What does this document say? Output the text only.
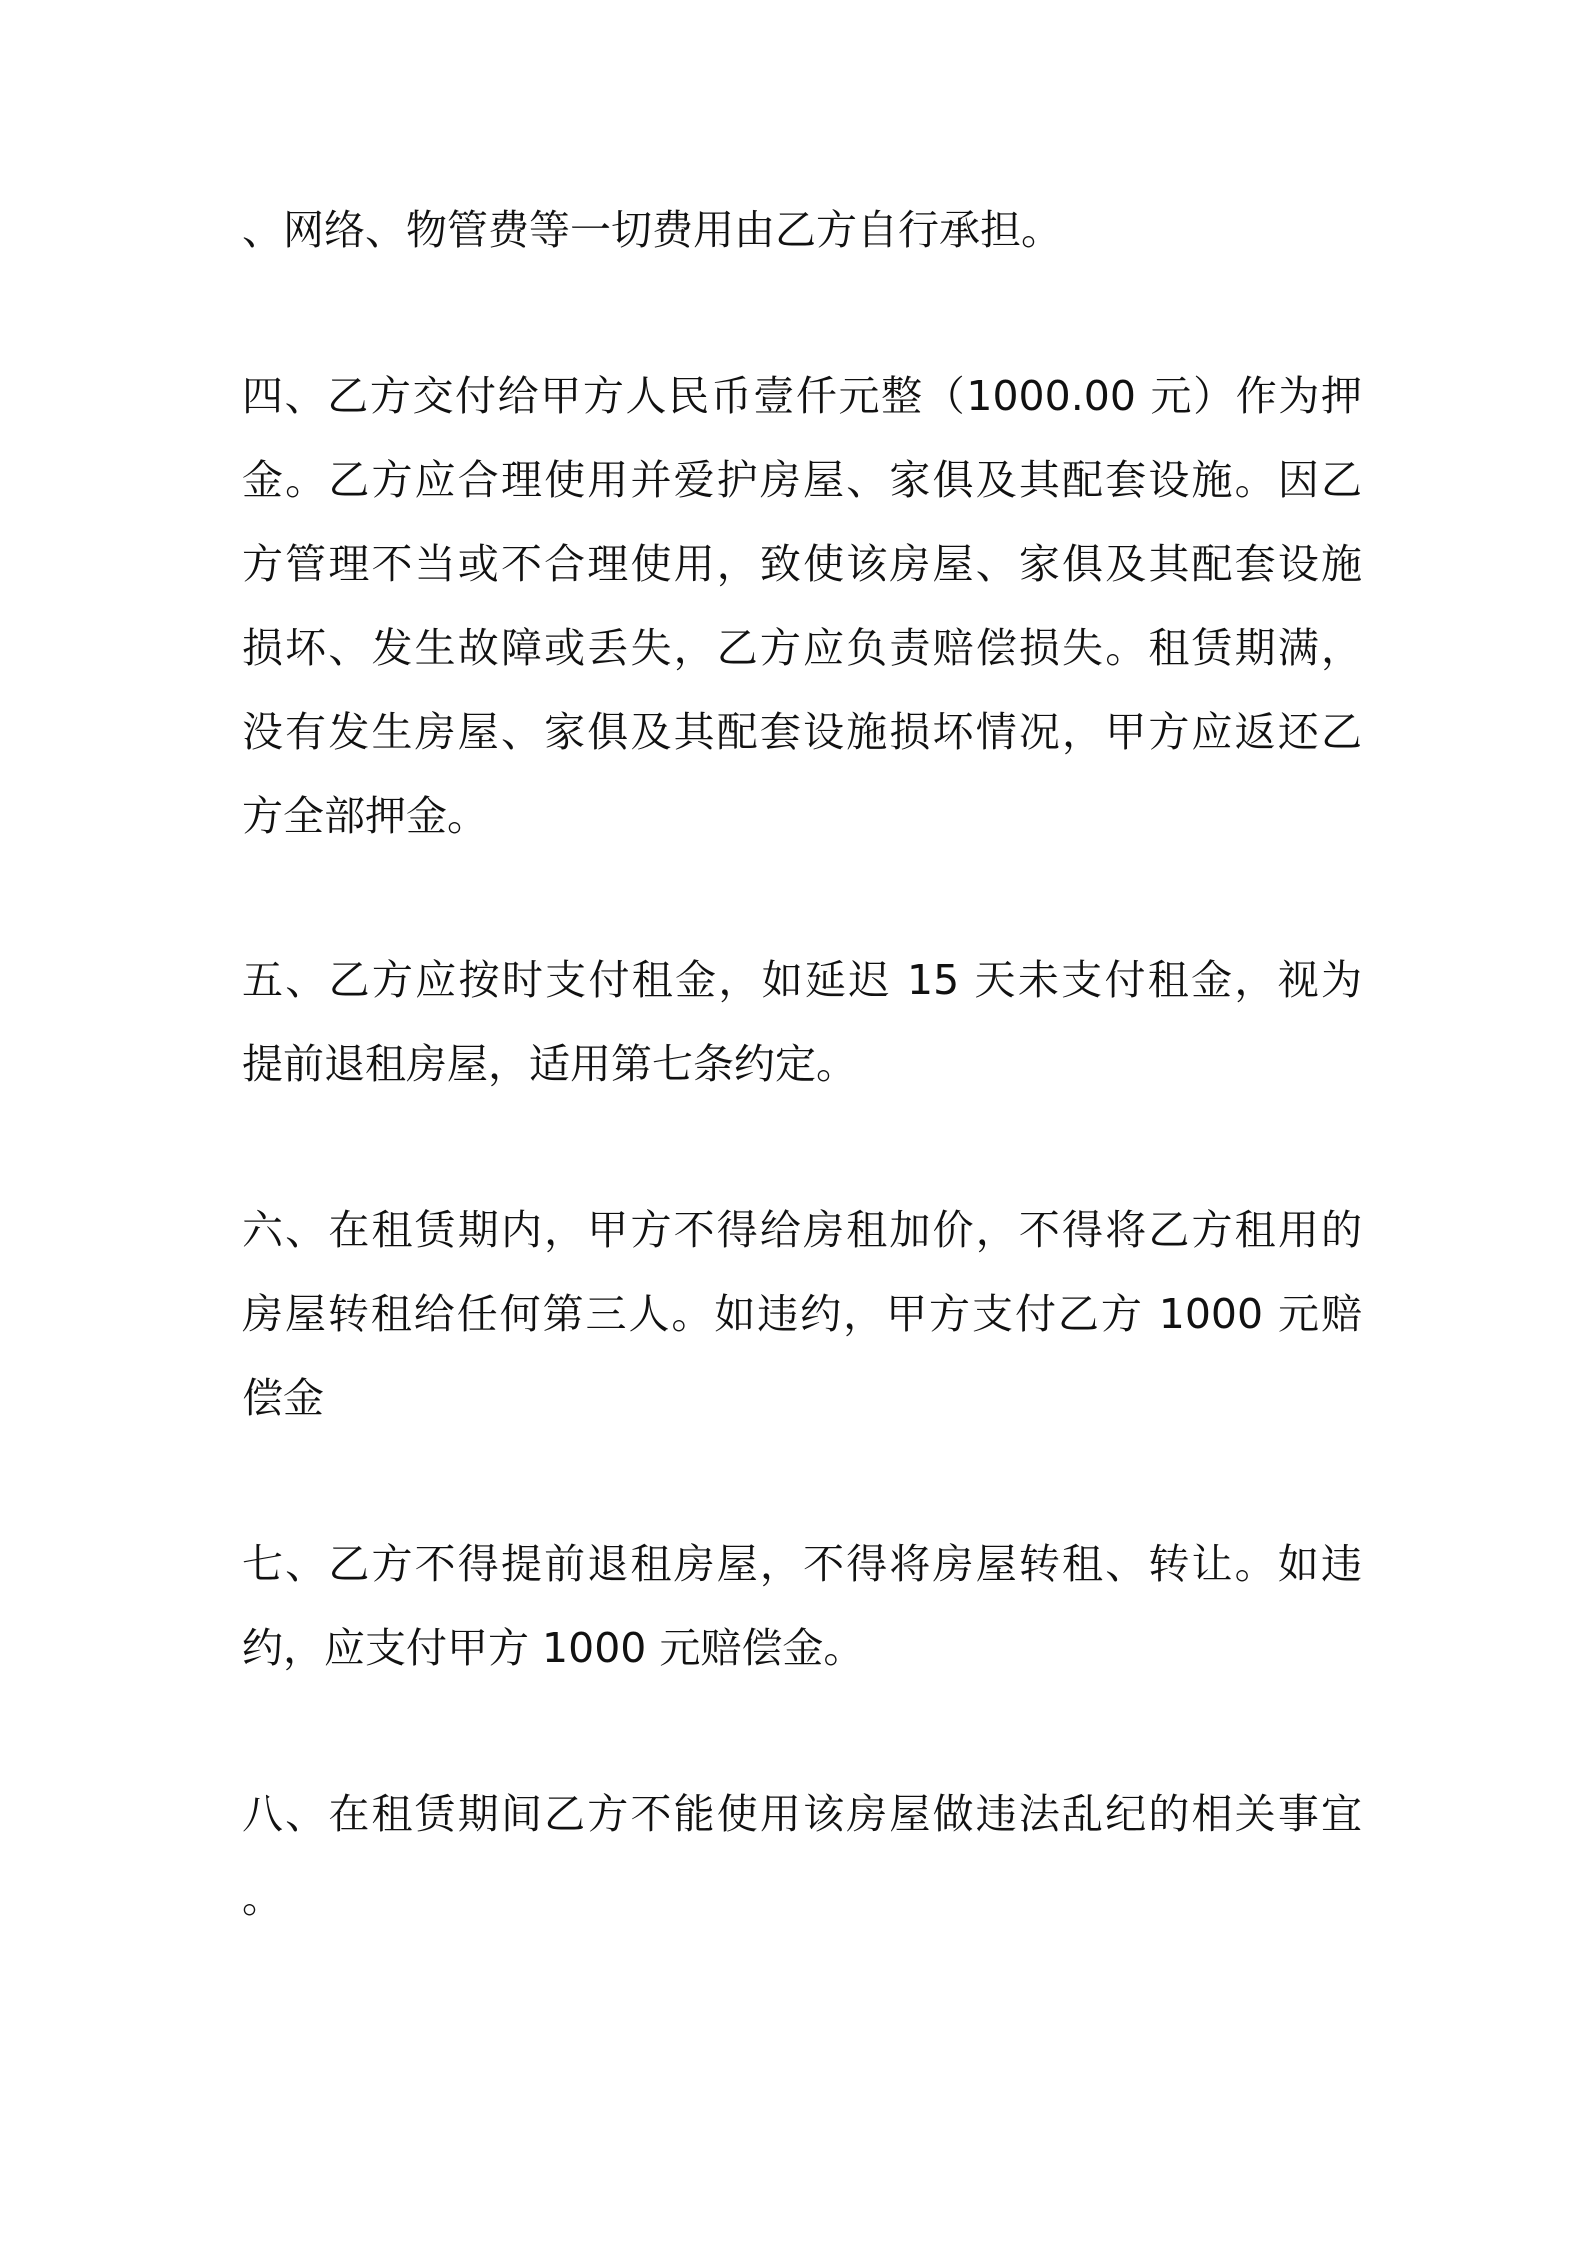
、网络、物管费等一切费用由乙方自行承担。

四、乙方交付给甲方人民币壹仟元整（1000.00 元）作为押

金。乙方应合理使用并爱护房屋、家俱及其配套设施。因乙

方管理不当或不合理使用，致使该房屋、家俱及其配套设施

损坏、发生故障或丢失，乙方应负责赔偿损失。租赁期满，

没有发生房屋、家俱及其配套设施损坏情况，甲方应返还乙

方全部押金。

五、乙方应按时支付租金，如延迟 15 天未支付租金，视为

提前退租房屋，适用第七条约定。

六、在租赁期内，甲方不得给房租加价，不得将乙方租用的

房屋转租给任何第三人。如违约，甲方支付乙方 1000 元赔

偿金

七、乙方不得提前退租房屋，不得将房屋转租、转让。如违

约，应支付甲方 1000 元赔偿金。

八、在租赁期间乙方不能使用该房屋做违法乱纪的相关事宜

。
